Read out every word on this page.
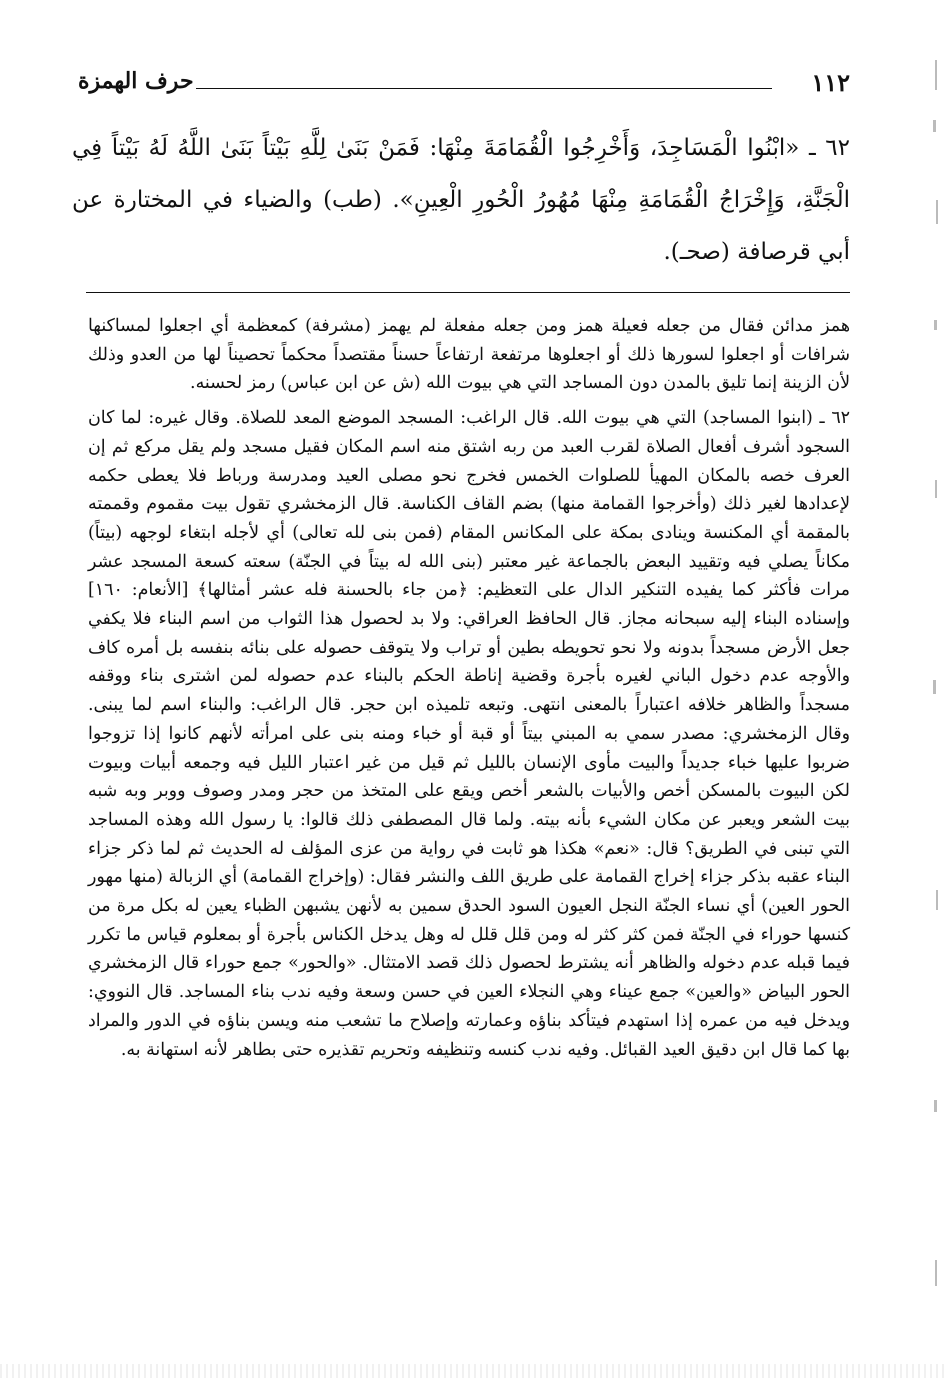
١١٢
حرف الهمزة
٦٢ ـ «ابْنُوا الْمَسَاجِدَ، وَأَخْرِجُوا الْقُمَامَةَ مِنْهَا: فَمَنْ بَنَىٰ لِلَّهِ بَيْتاً بَنَىٰ اللَّهُ لَهُ بَيْتاً فِي الْجَنَّةِ، وَإِخْرَاجُ الْقُمَامَةِ مِنْهَا مُهُورُ الْحُورِ الْعِينِ». (طب) والضياء في المختارة عن أبي قرصافة (صحـ).

همز مدائن فقال من جعله فعيلة همز ومن جعله مفعلة لم يهمز (مشرفة) كمعظمة أي اجعلوا لمساكنها شرافات أو اجعلوا لسورها ذلك أو اجعلوها مرتفعة ارتفاعاً حسناً مقتصداً محكماً تحصيناً لها من العدو وذلك لأن الزينة إنما تليق بالمدن دون المساجد التي هي بيوت الله (ش عن ابن عباس) رمز لحسنه.

٦٢ ـ (ابنوا المساجد) التي هي بيوت الله. قال الراغب: المسجد الموضع المعد للصلاة. وقال غيره: لما كان السجود أشرف أفعال الصلاة لقرب العبد من ربه اشتق منه اسم المكان فقيل مسجد ولم يقل مركع ثم إن العرف خصه بالمكان المهيأ للصلوات الخمس فخرج نحو مصلى العيد ومدرسة ورباط فلا يعطى حكمه لإعدادها لغير ذلك (وأخرجوا القمامة منها) بضم القاف الكناسة. قال الزمخشري تقول بيت مقموم وقممته بالمقمة أي المكنسة وينادى بمكة على المكانس المقام (فمن بنى لله تعالى) أي لأجله ابتغاء لوجهه (بيتاً) مكاناً يصلي فيه وتقييد البعض بالجماعة غير معتبر (بنى الله له بيتاً في الجنّة) سعته كسعة المسجد عشر مرات فأكثر كما يفيده التنكير الدال على التعظيم: ﴿من جاء بالحسنة فله عشر أمثالها﴾ [الأنعام: ١٦٠] وإسناده البناء إليه سبحانه مجاز. قال الحافظ العراقي: ولا بد لحصول هذا الثواب من اسم البناء فلا يكفي جعل الأرض مسجداً بدونه ولا نحو تحويطه بطين أو تراب ولا يتوقف حصوله على بنائه بنفسه بل أمره كاف والأوجه عدم دخول الباني لغيره بأجرة وقضية إناطة الحكم بالبناء عدم حصوله لمن اشترى بناء ووقفه مسجداً والظاهر خلافه اعتباراً بالمعنى انتهى. وتبعه تلميذه ابن حجر. قال الراغب: والبناء اسم لما يبنى. وقال الزمخشري: مصدر سمي به المبني بيتاً أو قبة أو خباء ومنه بنى على امرأته لأنهم كانوا إذا تزوجوا ضربوا عليها خباء جديداً والبيت مأوى الإنسان بالليل ثم قيل من غير اعتبار الليل فيه وجمعه أبيات وبيوت لكن البيوت بالمسكن أخص والأبيات بالشعر أخص ويقع على المتخذ من حجر ومدر وصوف ووبر وبه شبه بيت الشعر ويعبر عن مكان الشيء بأنه بيته. ولما قال المصطفى ذلك قالوا: يا رسول الله وهذه المساجد التي تبنى في الطريق؟ قال: «نعم» هكذا هو ثابت في رواية من عزى المؤلف له الحديث ثم لما ذكر جزاء البناء عقبه بذكر جزاء إخراج القمامة على طريق اللف والنشر فقال: (وإخراج القمامة) أي الزبالة (منها مهور الحور العين) أي نساء الجنّة النجل العيون السود الحدق سمين به لأنهن يشبهن الظباء يعين له بكل مرة من كنسها حوراء في الجنّة فمن كثر كثر له ومن قلل قلل له وهل يدخل الكناس بأجرة أو بمعلوم قياس ما تكرر فيما قبله عدم دخوله والظاهر أنه يشترط لحصول ذلك قصد الامتثال. «والحور» جمع حوراء قال الزمخشري الحور البياض «والعين» جمع عيناء وهي النجلاء العين في حسن وسعة وفيه ندب بناء المساجد. قال النووي: ويدخل فيه من عمره إذا استهدم فيتأكد بناؤه وعمارته وإصلاح ما تشعب منه ويسن بناؤه في الدور والمراد بها كما قال ابن دقيق العيد القبائل. وفيه ندب كنسه وتنظيفه وتحريم تقذيره حتى بطاهر لأنه استهانة به.
